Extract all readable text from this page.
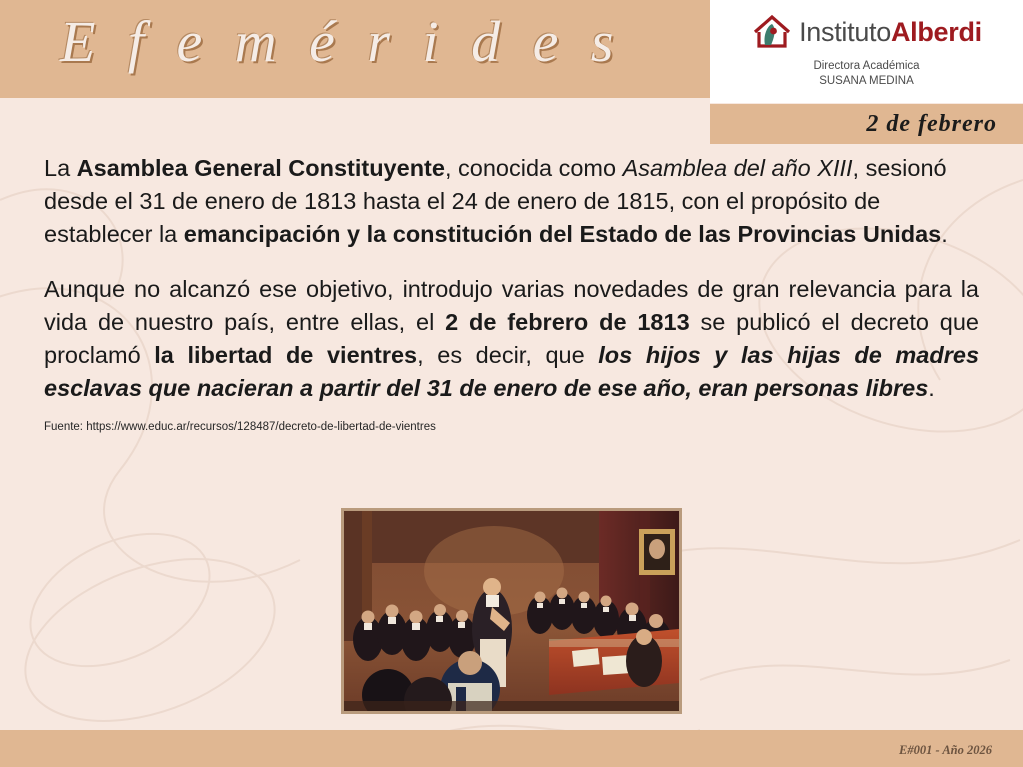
E f e m é r i d e s	InstitutoAlberdi
Directora Académica
SUSANA MEDINA
2 de febrero

La Asamblea General Constituyente, conocida como Asamblea del año XIII, sesionó desde el 31 de enero de 1813 hasta el 24 de enero de 1815, con el propósito de establecer la emancipación y la constitución del Estado de las Provincias Unidas.

Aunque no alcanzó ese objetivo, introdujo varias novedades de gran relevancia para la vida de nuestro país, entre ellas, el 2 de febrero de 1813 se publicó el decreto que proclamó la libertad de vientres, es decir, que los hijos y las hijas de madres esclavas que nacieran a partir del 31 de enero de ese año, eran personas libres.

Fuente: https://www.educ.ar/recursos/128487/decreto-de-libertad-de-vientres

E#001 - Año 2026
